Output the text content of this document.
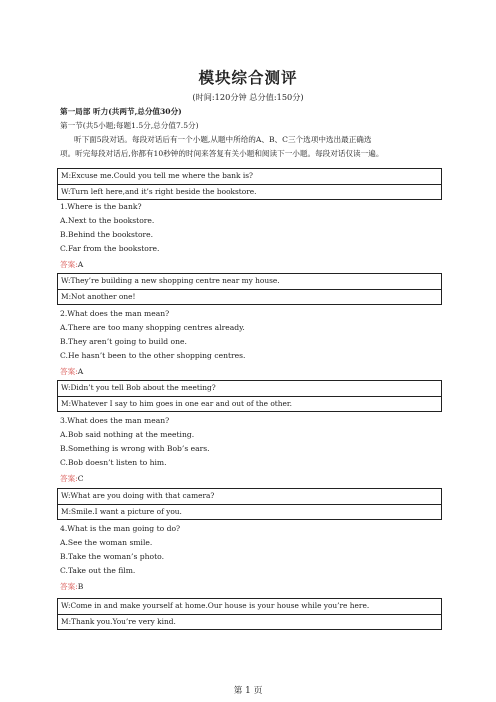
模块综合测评
(时间:120分钟 总分值:150分)
第一局部 听力(共两节,总分值30分)
第一节(共5小题;每题1.5分,总分值7.5分)
听下面5段对话。每段对话后有一个小题,从题中所给的A、B、C三个选项中选出最正确选
项。听完每段对话后,你都有10秒钟的时间来答复有关小题和阅读下一小题。每段对话仅读一遍。
M:Excuse me.Could you tell me where the bank is?
W:Turn left here,and it’s right beside the bookstore.
1.Where is the bank?
A.Next to the bookstore.
B.Behind the bookstore.
C.Far from the bookstore.
答案:A
W:They’re building a new shopping centre near my house.
M:Not another one!
2.What does the man mean?
A.There are too many shopping centres already.
B.They aren’t going to build one.
C.He hasn’t been to the other shopping centres.
答案:A
W:Didn’t you tell Bob about the meeting?
M:Whatever I say to him goes in one ear and out of the other.
3.What does the man mean?
A.Bob said nothing at the meeting.
B.Something is wrong with Bob’s ears.
C.Bob doesn’t listen to him.
答案:C
W:What are you doing with that camera?
M:Smile.I want a picture of you.
4.What is the man going to do?
A.See the woman smile.
B.Take the woman’s photo.
C.Take out the film.
答案:B
W:Come in and make yourself at home.Our house is your house while you’re here.
M:Thank you.You’re very kind.
第 1 页
